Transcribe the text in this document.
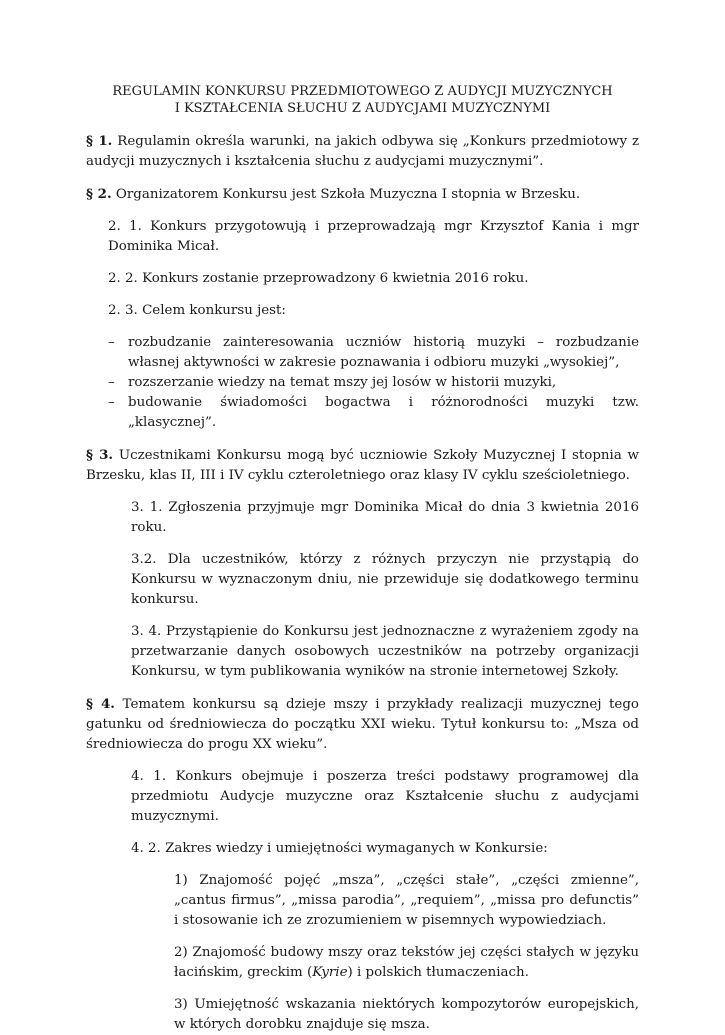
REGULAMIN KONKURSU PRZEDMIOTOWEGO Z AUDYCJI MUZYCZNYCH
I KSZTAŁCENIA SŁUCHU Z AUDYCJAMI MUZYCZNYMI

§ 1. Regulamin określa warunki, na jakich odbywa się „Konkurs przedmiotowy z audycji muzycznych i kształcenia słuchu z audycjami muzycznymi”.

§ 2. Organizatorem Konkursu jest Szkoła Muzyczna I stopnia w Brzesku.

2. 1. Konkurs przygotowują i przeprowadzają mgr Krzysztof Kania i mgr Dominika Micał.

2. 2. Konkurs zostanie przeprowadzony 6 kwietnia 2016 roku.

2. 3. Celem konkursu jest:

– rozbudzanie zainteresowania uczniów historią muzyki – rozbudzanie własnej aktywności w zakresie poznawania i odbioru muzyki „wysokiej”,
– rozszerzanie wiedzy na temat mszy jej losów w historii muzyki,
– budowanie świadomości bogactwa i różnorodności muzyki tzw. „klasycznej”.

§ 3. Uczestnikami Konkursu mogą być uczniowie Szkoły Muzycznej I stopnia w Brzesku, klas II, III i IV cyklu czteroletniego oraz klasy IV cyklu sześcioletniego.

3. 1. Zgłoszenia przyjmuje mgr Dominika Micał do dnia 3 kwietnia 2016 roku.

3.2. Dla uczestników, którzy z różnych przyczyn nie przystąpią do Konkursu w wyznaczonym dniu, nie przewiduje się dodatkowego terminu konkursu.

3. 4. Przystąpienie do Konkursu jest jednoznaczne z wyrażeniem zgody na przetwarzanie danych osobowych uczestników na potrzeby organizacji Konkursu, w tym publikowania wyników na stronie internetowej Szkoły.

§ 4. Tematem konkursu są dzieje mszy i przykłady realizacji muzycznej tego gatunku od średniowiecza do początku XXI wieku. Tytuł konkursu to: „Msza od średniowiecza do progu XX wieku”.

4. 1. Konkurs obejmuje i poszerza treści podstawy programowej dla przedmiotu Audycje muzyczne oraz Kształcenie słuchu z audycjami muzycznymi.

4. 2. Zakres wiedzy i umiejętności wymaganych w Konkursie:

1) Znajomość pojęć „msza”, „części stałe”, „części zmienne”, „cantus firmus”, „missa parodia”, „requiem”, „missa pro defunctis” i stosowanie ich ze zrozumieniem w pisemnych wypowiedziach.

2) Znajomość budowy mszy oraz tekstów jej części stałych w języku łacińskim, greckim (Kyrie) i polskich tłumaczeniach.

3) Umiejętność wskazania niektórych kompozytorów europejskich, w których dorobku znajduje się msza.
